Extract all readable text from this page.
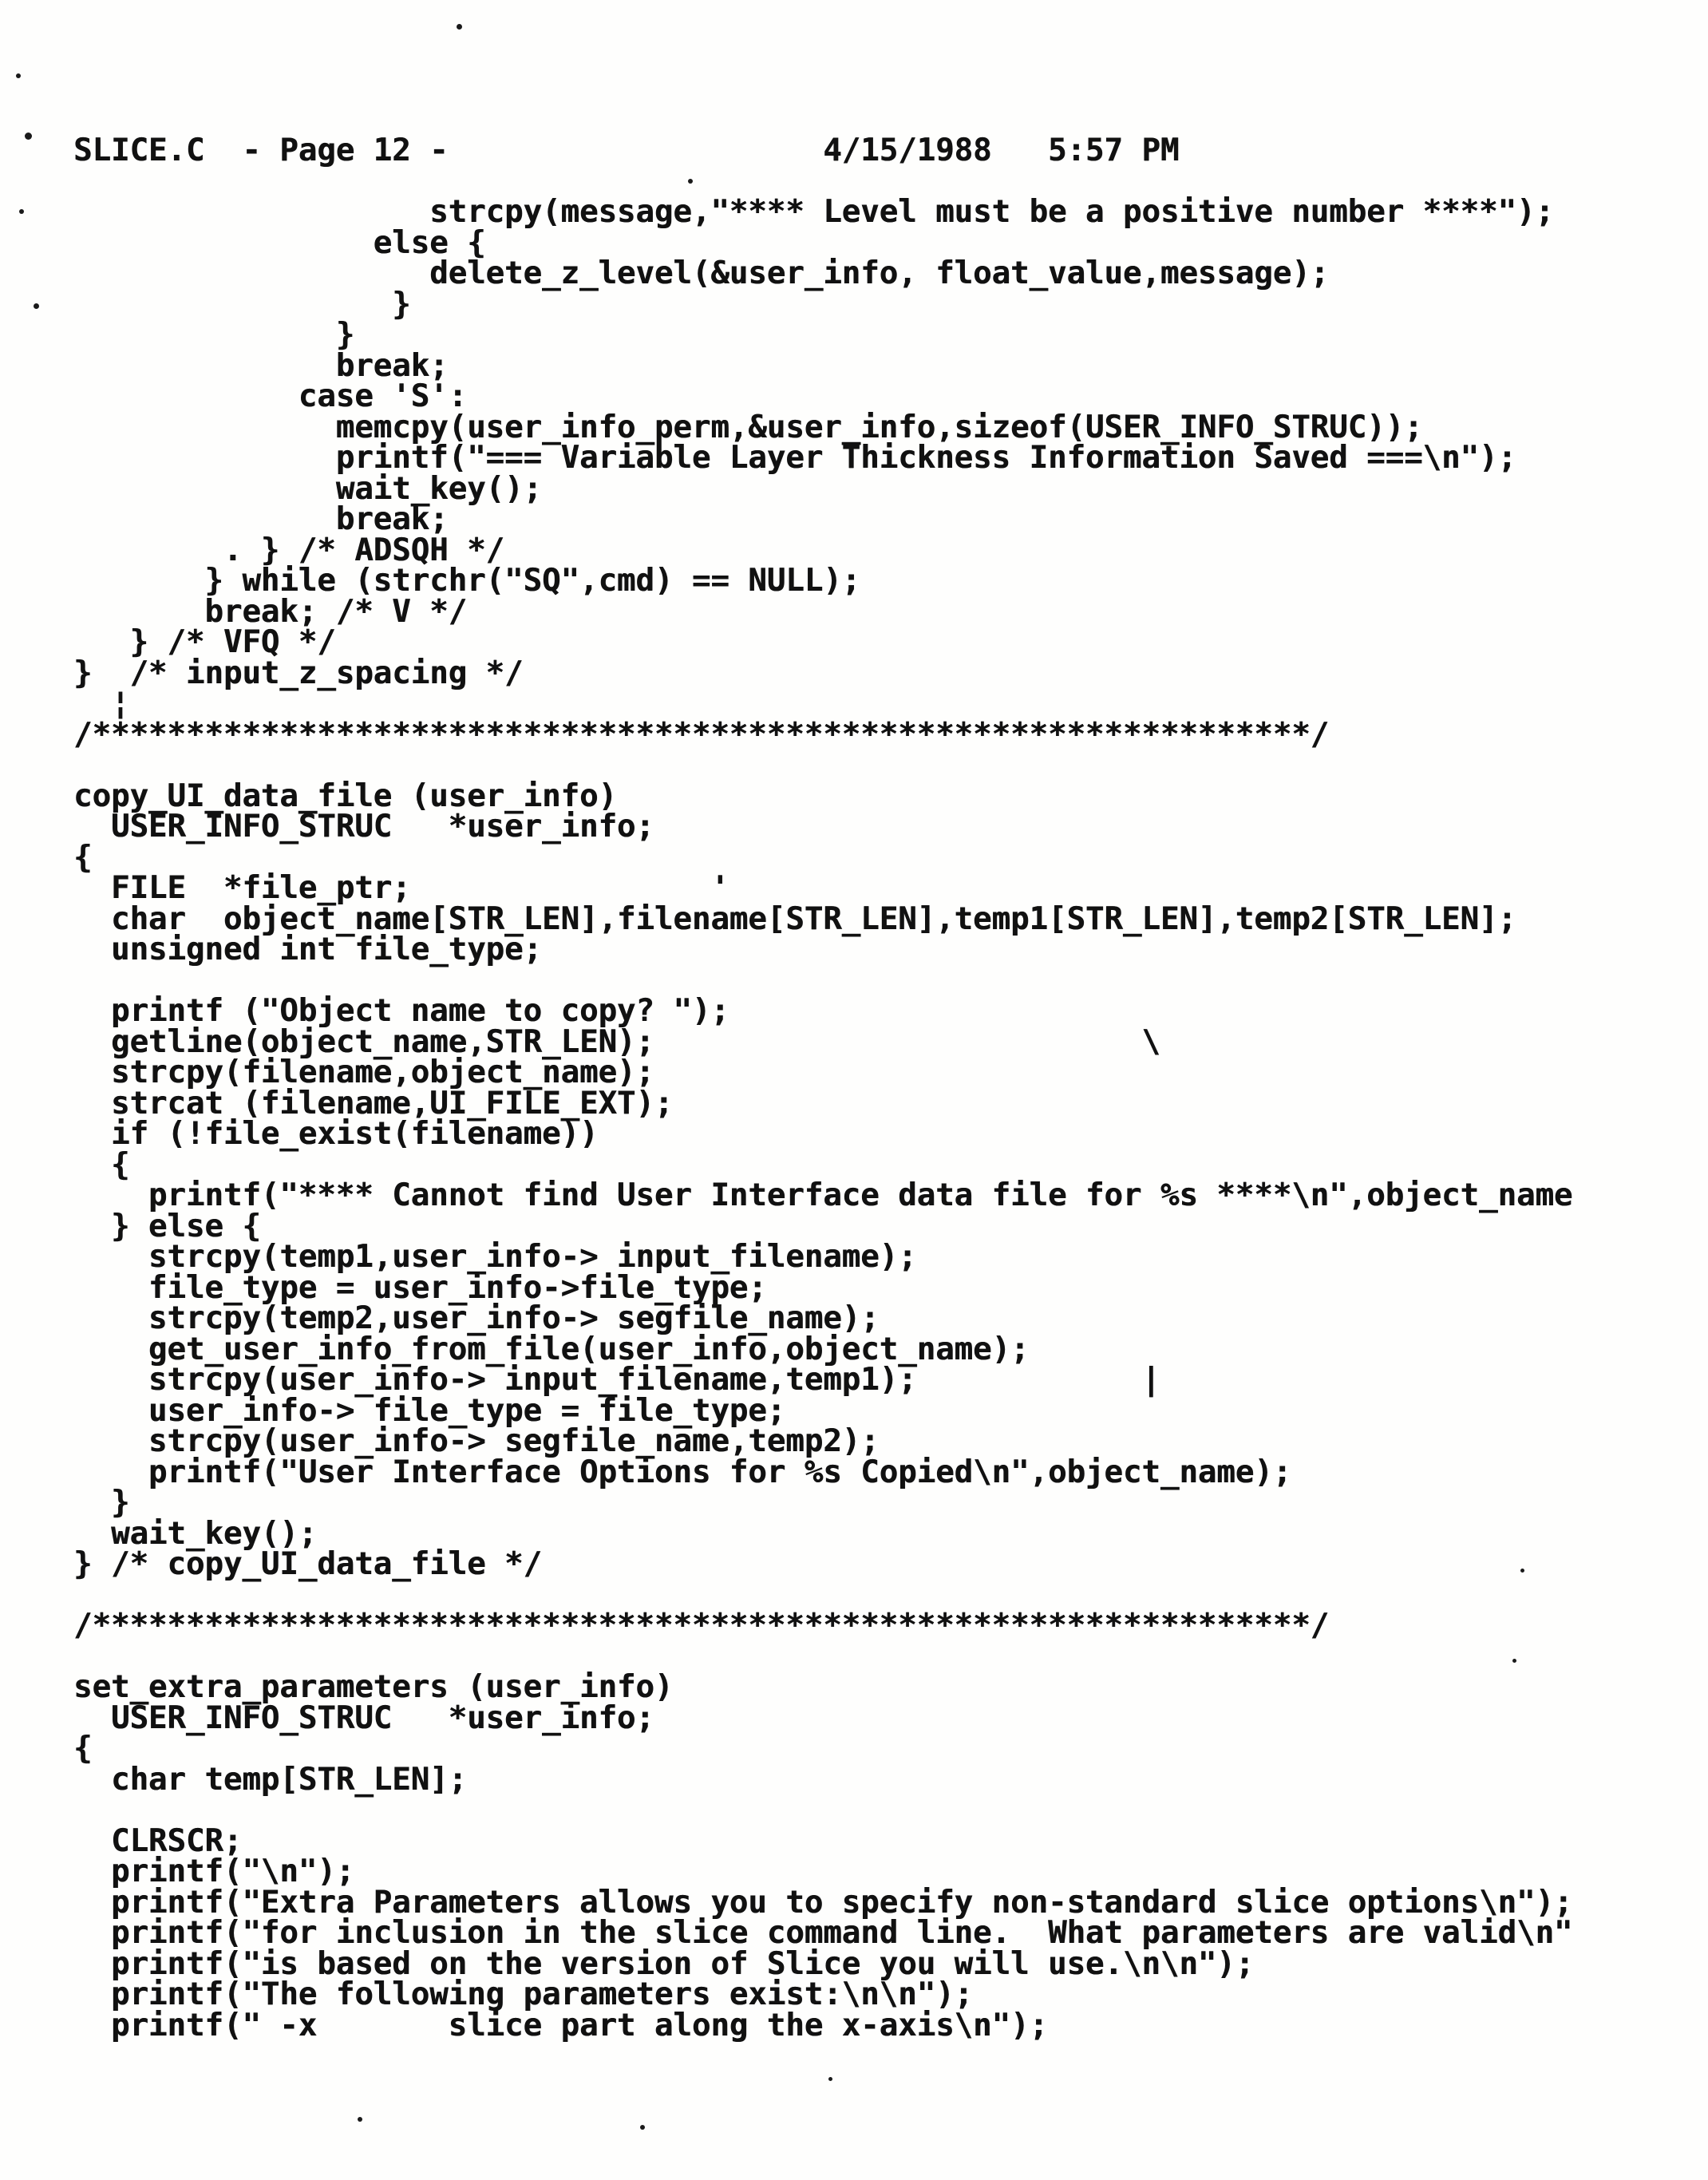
SLICE.C  - Page 12 -                    4/15/1988   5:57 PM

strcpy(message,"**** Level must be a positive number ****");
else {
delete_z_level(&user_info, float_value,message);
}
}
break;
case 'S':
memcpy(user_info_perm,&user_info,sizeof(USER_INFO_STRUC));
printf("=== Variable Layer Thickness Information Saved ===\n");
wait_key();
break;
. } /* ADSQH */
} while (strchr("SQ",cmd) == NULL);
break; /* V */
} /* VFQ */
}  /* input_z_spacing */
¦
/*****************************************************************/

copy_UI_data_file (user_info)
USER_INFO_STRUC   *user_info;
{
FILE  *file_ptr;                '
char  object_name[STR_LEN],filename[STR_LEN],temp1[STR_LEN],temp2[STR_LEN];
unsigned int file_type;

printf ("Object name to copy? ");
getline(object_name,STR_LEN);                          \
strcpy(filename,object_name);
strcat (filename,UI_FILE_EXT);
if (!file_exist(filename))
{
printf("**** Cannot find User Interface data file for %s ****\n",object_name
} else {
strcpy(temp1,user_info-> input_filename);
file_type = user_info->file_type;
strcpy(temp2,user_info-> segfile_name);
get_user_info_from_file(user_info,object_name);
strcpy(user_info-> input_filename,temp1);            |
user_info-> file_type = file_type;
strcpy(user_info-> segfile_name,temp2);
printf("User Interface Options for %s Copied\n",object_name);
}
wait_key();
} /* copy_UI_data_file */

/*****************************************************************/

set_extra_parameters (user_info)
USER_INFO_STRUC   *user_info;
{
char temp[STR_LEN];

CLRSCR;
printf("\n");
printf("Extra Parameters allows you to specify non-standard slice options\n");
printf("for inclusion in the slice command line.  What parameters are valid\n"
printf("is based on the version of Slice you will use.\n\n");
printf("The following parameters exist:\n\n");
printf(" -x       slice part along the x-axis\n");
